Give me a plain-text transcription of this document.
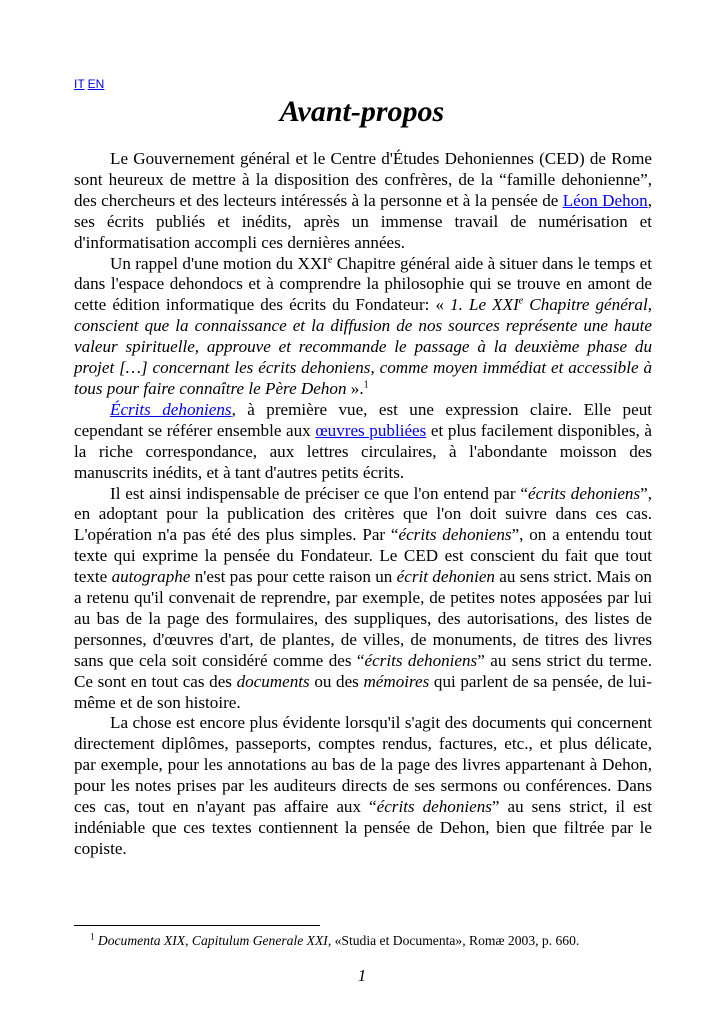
IT EN
Avant-propos

Le Gouvernement général et le Centre d'Études Dehoniennes (CED) de Rome sont heureux de mettre à la disposition des confrères, de la “famille dehonienne”, des chercheurs et des lecteurs intéressés à la personne et à la pensée de Léon Dehon, ses écrits publiés et inédits, après un immense travail de numérisation et d'informatisation accompli ces dernières années.

Un rappel d'une motion du XXIe Chapitre général aide à situer dans le temps et dans l'espace dehondocs et à comprendre la philosophie qui se trouve en amont de cette édition informatique des écrits du Fondateur: « 1. Le XXIe Chapitre général, conscient que la connaissance et la diffusion de nos sources représente une haute valeur spirituelle, approuve et recommande le passage à la deuxième phase du projet […] concernant les écrits dehoniens, comme moyen immédiat et accessible à tous pour faire connaître le Père Dehon ».$^1$

Écrits dehoniens, à première vue, est une expression claire. Elle peut cependant se référer ensemble aux œuvres publiées et plus facilement disponibles, à la riche correspondance, aux lettres circulaires, à l'abondante moisson des manuscrits inédits, et à tant d'autres petits écrits.

Il est ainsi indispensable de préciser ce que l'on entend par “écrits dehoniens”, en adoptant pour la publication des critères que l'on doit suivre dans ces cas. L'opération n'a pas été des plus simples. Par “écrits dehoniens”, on a entendu tout texte qui exprime la pensée du Fondateur. Le CED est conscient du fait que tout texte autographe n'est pas pour cette raison un écrit dehonien au sens strict. Mais on a retenu qu'il convenait de reprendre, par exemple, de petites notes apposées par lui au bas de la page des formulaires, des suppliques, des autorisations, des listes de personnes, d'œuvres d'art, de plantes, de villes, de monuments, de titres des livres sans que cela soit considéré comme des “écrits dehoniens” au sens strict du terme. Ce sont en tout cas des documents ou des mémoires qui parlent de sa pensée, de lui-même et de son histoire.

La chose est encore plus évidente lorsqu'il s'agit des documents qui concernent directement diplômes, passeports, comptes rendus, factures, etc., et plus délicate, par exemple, pour les annotations au bas de la page des livres appartenant à Dehon, pour les notes prises par les auditeurs directs de ses sermons ou conférences. Dans ces cas, tout en n'ayant pas affaire aux “écrits dehoniens” au sens strict, il est indéniable que ces textes contiennent la pensée de Dehon, bien que filtrée par le copiste.

$^1$ Documenta XIX, Capitulum Generale XXI, «Studia et Documenta», Romæ 2003, p. 660.
1
